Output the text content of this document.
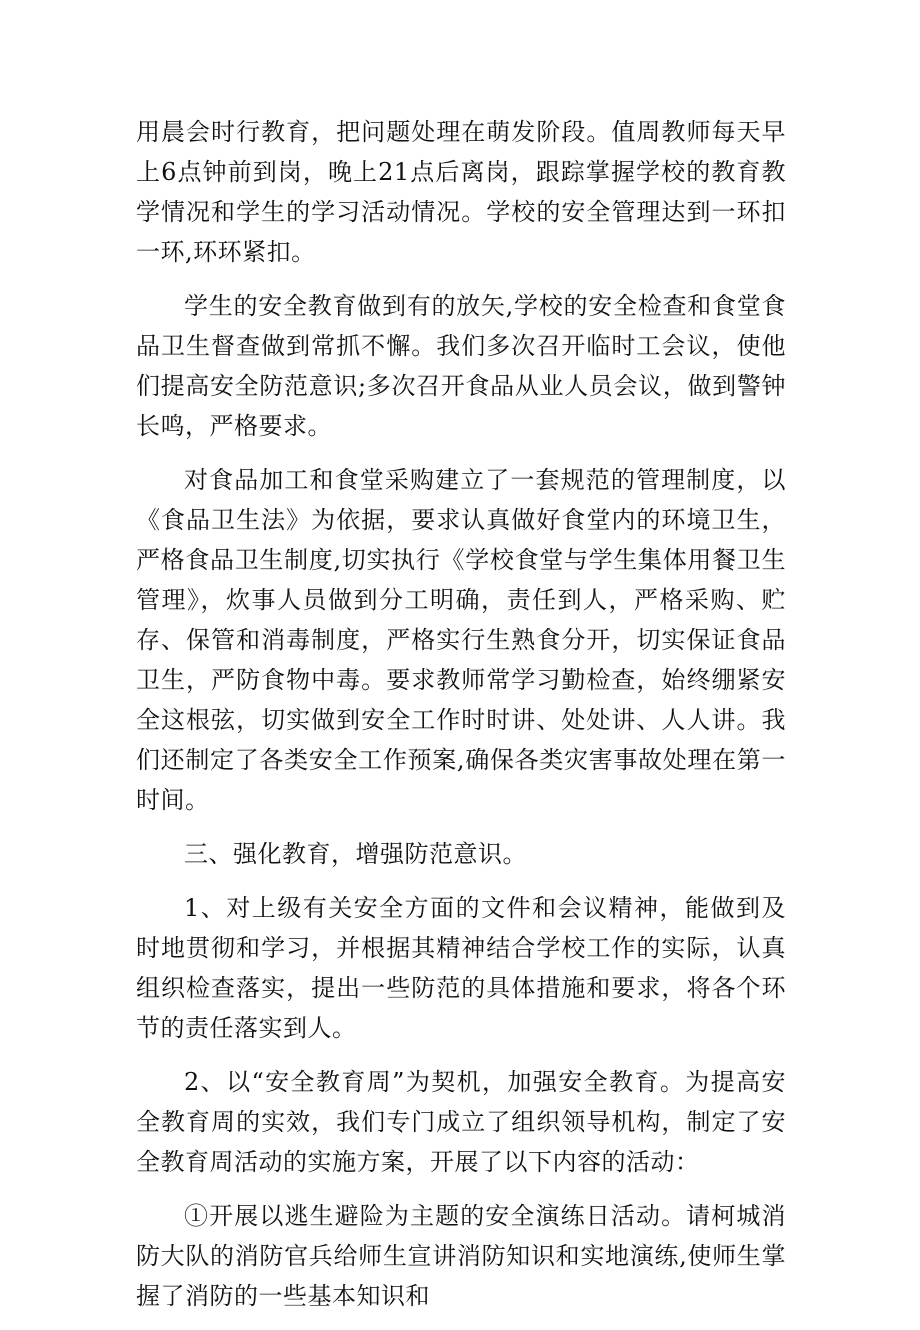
用晨会时行教育，把问题处理在萌发阶段。值周教师每天早上6点钟前到岗，晚上21点后离岗，跟踪掌握学校的教育教学情况和学生的学习活动情况。学校的安全管理达到一环扣一环,环环紧扣。

学生的安全教育做到有的放矢,学校的安全检查和食堂食品卫生督查做到常抓不懈。我们多次召开临时工会议，使他们提高安全防范意识;多次召开食品从业人员会议，做到警钟长鸣，严格要求。

对食品加工和食堂采购建立了一套规范的管理制度，以《食品卫生法》为依据，要求认真做好食堂内的环境卫生，严格食品卫生制度,切实执行《学校食堂与学生集体用餐卫生管理》，炊事人员做到分工明确，责任到人，严格采购、贮存、保管和消毒制度，严格实行生熟食分开，切实保证食品卫生，严防食物中毒。要求教师常学习勤检查，始终绷紧安全这根弦，切实做到安全工作时时讲、处处讲、人人讲。我们还制定了各类安全工作预案,确保各类灾害事故处理在第一时间。

三、强化教育，增强防范意识。

1、对上级有关安全方面的文件和会议精神，能做到及时地贯彻和学习，并根据其精神结合学校工作的实际，认真组织检查落实，提出一些防范的具体措施和要求，将各个环节的责任落实到人。

2、以“安全教育周”为契机，加强安全教育。为提高安全教育周的实效，我们专门成立了组织领导机构，制定了安全教育周活动的实施方案，开展了以下内容的活动：

①开展以逃生避险为主题的安全演练日活动。请柯城消防大队的消防官兵给师生宣讲消防知识和实地演练,使师生掌握了消防的一些基本知识和
